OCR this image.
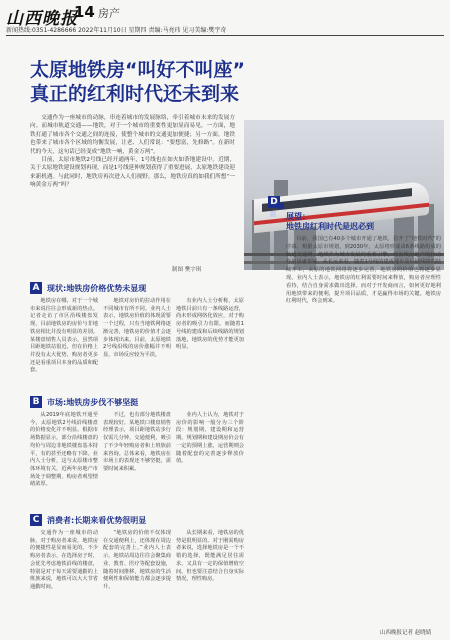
山西晚报
14 房产
新闻热线:0351-4286666 2022年11月10日 星期四 责编:马亮玮 见习美编:樊宇奇
太原地铁房“叫好不叫座”
真正的红利时代还未到来

交通作为一座城市的动脉，串连着城市的发展脉络，牵引着城市未来的发展方向。而城市轨道交通——地铁，对于一个城市的重要性更加显而易见。一方面，地铁打通了城市各个交通之间的连接，使整个城市的交通更加便捷；另一方面，地铁也带来了城市各个区域的均衡发展，让老、人们常说：“要想富，先修路”。在新时代的今天，这句话已经变成“地铁一响，黄金万两”。

目前，太原市地铁2号线已经开通两年，1号线也在如火如荼地建设中。近期，关于太原地铁建设规划再现，而是1号线延伸规划获得了重要进展，太原地铁建设迎来新机遇。与此同时，地铁房再次进入人们视野。那么，地铁房真的如我们所想“一响黄金万两”吗？

制图 樊宇琪
D
展望：
地铁房红利时代是迟必到

目前，我国已有40多个城市开通了地铁，拉开了“地铁时代”的序幕。根据太原市规划，到2030年，太原将形成由6条线路组成的轨道交通网。地铁作为城市发展的重要引擎，对沿线房地产的拉动作用毋庸置疑。从长远来看，随着1号线的建成通车及后续线路的陆续开工，太原的地铁网络将逐步完善，地铁房的价值也将逐步显现。业内人士表示，地铁房的红利需要时间来释放，购房者应理性看待，结合自身需求做出选择。而对于开发商而言，如何更好地利用地铁带来的便利，提升项目品质，才是赢得市场的关键。地铁房红利时代，终会到来。

A 现状:地铁房价格优势未显现

地铁房在哪，对于一个城市来说往往会形成新的热点。记者走访了市区沿线楼盘发现，目前地铁房的房价与非地铁房相比并没有明显的差别。某楼盘销售人员表示，虽然项目距地铁站很近，但在价格上并没有太大优势，购房者更多还是看重项目本身的品质和配套。

地铁对房价的拉动作用在不同城市有所不同。业内人士表示，地铁房价值的体现需要一个过程，只有当地铁网络逐渐完善，地铁房的价值才会逐步体现出来。目前，太原地铁2号线沿线的房价涨幅并不明显，市场反应较为平淡。

有业内人士分析称，太原地铁目前只有一条线路运营，尚未形成网络化效应，对于购房者的吸引力有限。而随着1号线的建成和后续线路的规划落地，地铁房的优势才能更加明显。

B 市场:地铁房步伐不够坚挺

从2019年底地铁开通至今，太原地铁2号线沿线楼盘的价格变化并不明显。根据市场数据显示，部分沿线楼盘的均价与周边非地铁楼盘基本持平，有的甚至还略有下降。业内人士分析，这与太原楼市整体环境有关，近两年房地产市场处于调整期，购房者观望情绪浓厚。

不过，也有部分地铁楼盘表现较好。某地铁口楼盘销售经理表示，项目距地铁站步行仅需几分钟，交通便利，吸引了不少年轻购房者和上班族前来咨询。总体来看，地铁房在市场上的表现还不够坚挺，需要时间来积累。

业内人士认为，地铁对于房价的影响一般分为三个阶段：规划期、建设期和运营期。规划期和建设期房价会有一定的预期上涨，运营期则会随着配套的完善逐步释放价值。

C 消费者:长期来看优势很明显

交通作为一座城市的动脉，对于购房者来说，地铁房的便捷性是显而易见的。不少购房者表示，在选择房子时，会优先考虑地铁沿线的楼盘，特别是对于每天需要通勤的上班族来说，地铁可以大大节省通勤时间。

“地铁房的价值不仅体现在交通便利上，还体现在周边配套的完善上。”业内人士表示，地铁站周边往往会聚集商业、教育、医疗等配套设施，随着时间推移，地铁房的生活便利性和保值能力都会逐步提升。

从长期来看，地铁房的优势是很明显的。对于刚需购房者来说，选择地铁房是一个不错的选择，既能满足居住需求，又具有一定的保值增值空间。但也要注意结合自身实际情况，理性购房。

山西晚报记者 赵晓婧
